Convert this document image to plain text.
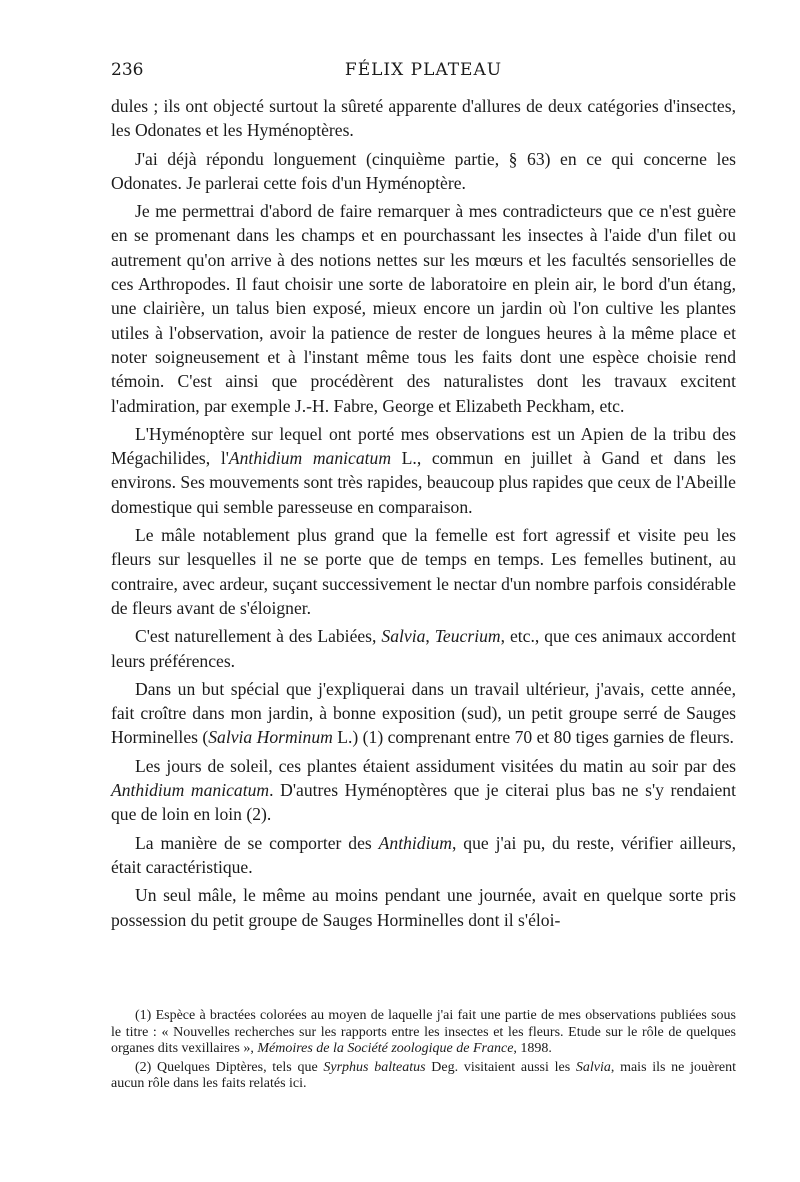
236	FÉLIX PLATEAU

dules ; ils ont objecté surtout la sûreté apparente d'allures de deux catégories d'insectes, les Odonates et les Hyménoptères.

J'ai déjà répondu longuement (cinquième partie, § 63) en ce qui concerne les Odonates. Je parlerai cette fois d'un Hyménoptère.

Je me permettrai d'abord de faire remarquer à mes contradicteurs que ce n'est guère en se promenant dans les champs et en pourchassant les insectes à l'aide d'un filet ou autrement qu'on arrive à des notions nettes sur les mœurs et les facultés sensorielles de ces Arthropodes. Il faut choisir une sorte de laboratoire en plein air, le bord d'un étang, une clairière, un talus bien exposé, mieux encore un jardin où l'on cultive les plantes utiles à l'observation, avoir la patience de rester de longues heures à la même place et noter soigneusement et à l'instant même tous les faits dont une espèce choisie rend témoin. C'est ainsi que procédèrent des naturalistes dont les travaux excitent l'admiration, par exemple J.-H. Fabre, George et Elizabeth Peckham, etc.

L'Hyménoptère sur lequel ont porté mes observations est un Apien de la tribu des Mégachilides, l'Anthidium manicatum L., commun en juillet à Gand et dans les environs. Ses mouvements sont très rapides, beaucoup plus rapides que ceux de l'Abeille domestique qui semble paresseuse en comparaison.

Le mâle notablement plus grand que la femelle est fort agressif et visite peu les fleurs sur lesquelles il ne se porte que de temps en temps. Les femelles butinent, au contraire, avec ardeur, suçant successivement le nectar d'un nombre parfois considérable de fleurs avant de s'éloigner.

C'est naturellement à des Labiées, Salvia, Teucrium, etc., que ces animaux accordent leurs préférences.

Dans un but spécial que j'expliquerai dans un travail ultérieur, j'avais, cette année, fait croître dans mon jardin, à bonne exposition (sud), un petit groupe serré de Sauges Horminelles (Salvia Horminum L.) (1) comprenant entre 70 et 80 tiges garnies de fleurs.

Les jours de soleil, ces plantes étaient assidument visitées du matin au soir par des Anthidium manicatum. D'autres Hyménoptères que je citerai plus bas ne s'y rendaient que de loin en loin (2).

La manière de se comporter des Anthidium, que j'ai pu, du reste, vérifier ailleurs, était caractéristique.

Un seul mâle, le même au moins pendant une journée, avait en quelque sorte pris possession du petit groupe de Sauges Horminelles dont il s'éloi-

(1) Espèce à bractées colorées au moyen de laquelle j'ai fait une partie de mes observations publiées sous le titre : « Nouvelles recherches sur les rapports entre les insectes et les fleurs. Etude sur le rôle de quelques organes dits vexillaires », Mémoires de la Société zoologique de France, 1898.

(2) Quelques Diptères, tels que Syrphus balteatus Deg. visitaient aussi les Salvia, mais ils ne jouèrent aucun rôle dans les faits relatés ici.
